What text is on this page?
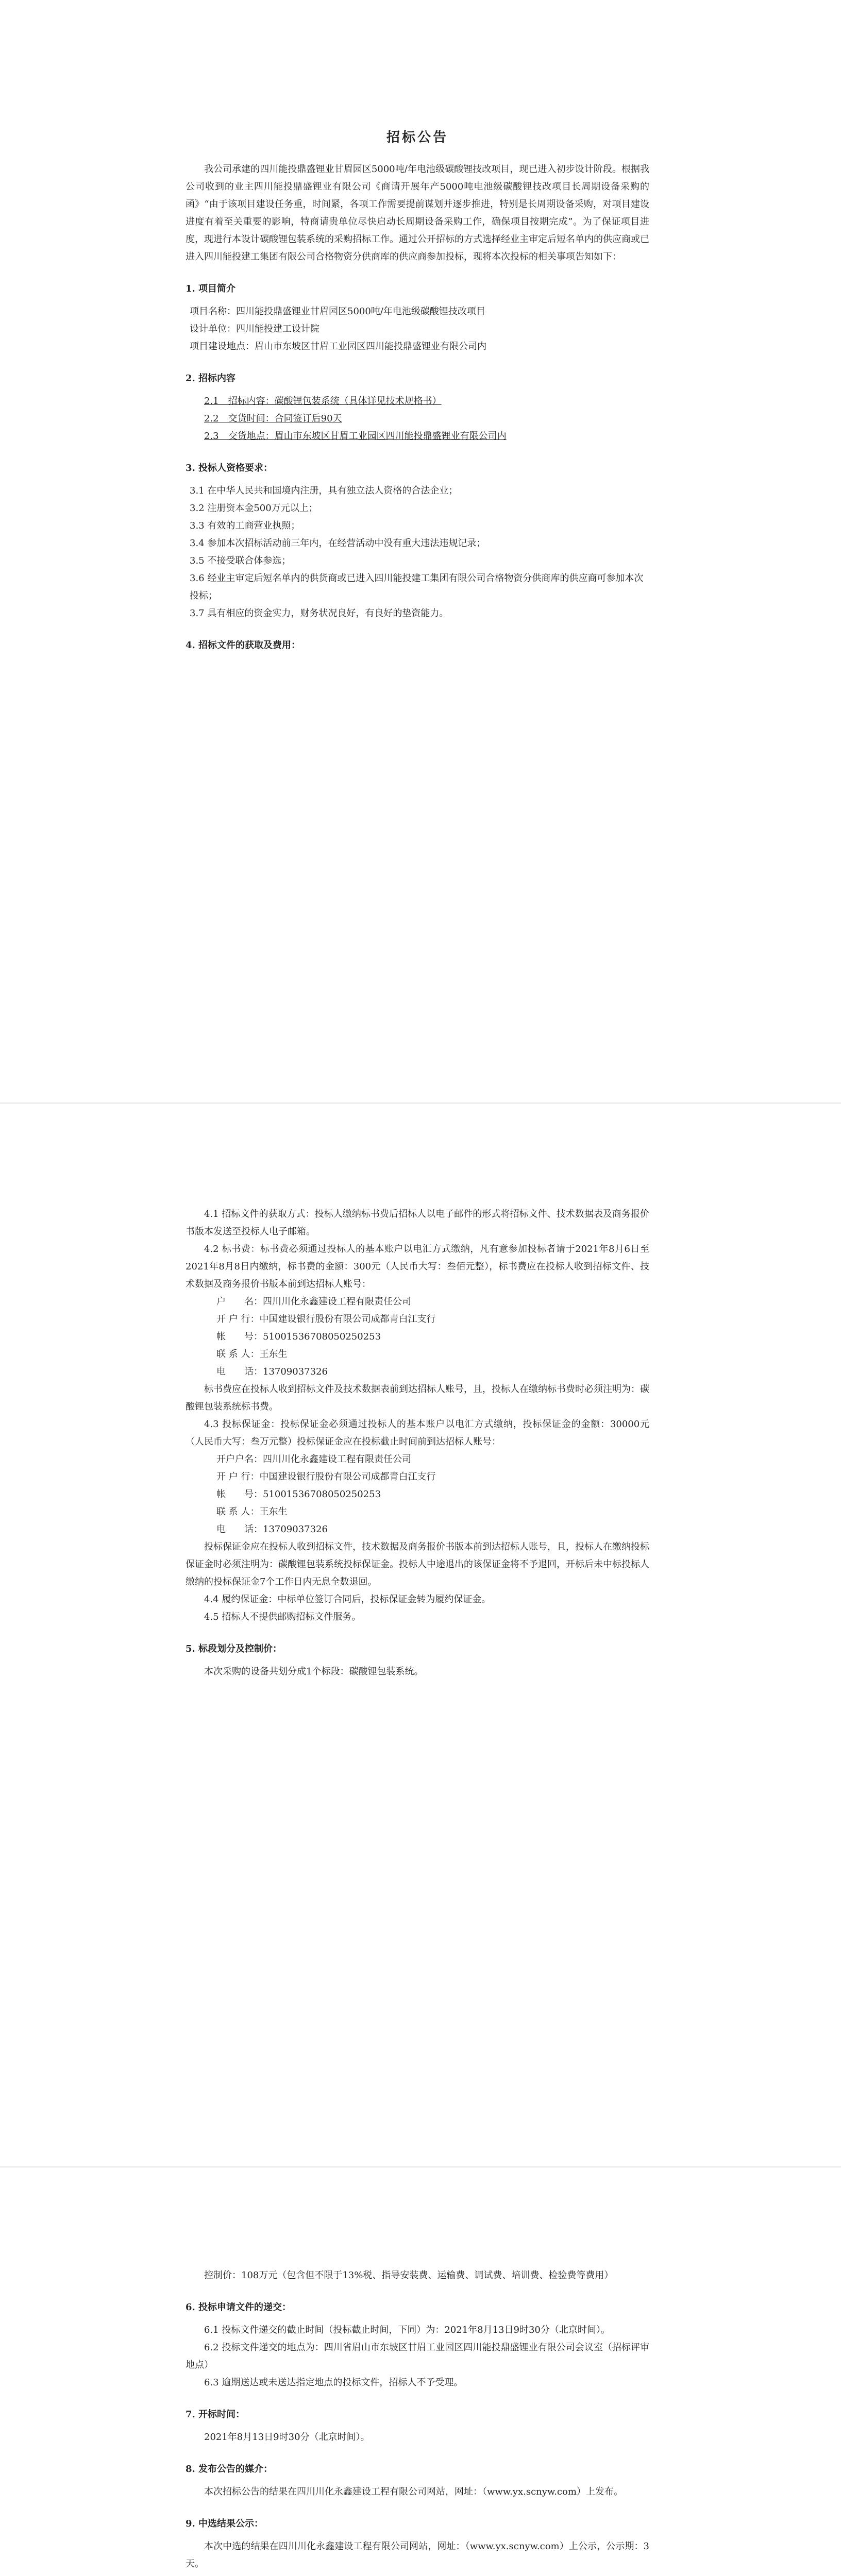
招标公告

我公司承建的四川能投鼎盛锂业甘眉园区5000吨/年电池级碳酸锂技改项目，现已进入初步设计阶段。根据我公司收到的业主四川能投鼎盛锂业有限公司《商请开展年产5000吨电池级碳酸锂技改项目长周期设备采购的函》“由于该项目建设任务重，时间紧，各项工作需要提前谋划并逐步推进，特别是长周期设备采购，对项目建设进度有着至关重要的影响，特商请贵单位尽快启动长周期设备采购工作，确保项目按期完成”。为了保证项目进度，现进行本设计碳酸锂包装系统的采购招标工作。通过公开招标的方式选择经业主审定后短名单内的供应商或已进入四川能投建工集团有限公司合格物资分供商库的供应商参加投标，现将本次投标的相关事项告知如下：

1. 项目简介

项目名称：四川能投鼎盛锂业甘眉园区5000吨/年电池级碳酸锂技改项目

设计单位：四川能投建工设计院

项目建设地点：眉山市东坡区甘眉工业园区四川能投鼎盛锂业有限公司内

2. 招标内容

2.1　招标内容：碳酸锂包装系统（具体详见技术规格书）

2.2　交货时间：合同签订后90天

2.3　交货地点：眉山市东坡区甘眉工业园区四川能投鼎盛锂业有限公司内

3. 投标人资格要求：

3.1 在中华人民共和国境内注册，具有独立法人资格的合法企业；

3.2 注册资本金500万元以上；

3.3 有效的工商营业执照；

3.4 参加本次招标活动前三年内，在经营活动中没有重大违法违规记录；

3.5 不接受联合体参选；

3.6 经业主审定后短名单内的供货商或已进入四川能投建工集团有限公司合格物资分供商库的供应商可参加本次投标；

3.7 具有相应的资金实力，财务状况良好，有良好的垫资能力。

4. 招标文件的获取及费用：

4.1 招标文件的获取方式：投标人缴纳标书费后招标人以电子邮件的形式将招标文件、技术数据表及商务报价书版本发送至投标人电子邮箱。

4.2 标书费：标书费必须通过投标人的基本账户以电汇方式缴纳，凡有意参加投标者请于2021年8月6日至2021年8月8日内缴纳，标书费的金额：300元（人民币大写：叁佰元整），标书费应在投标人收到招标文件、技术数据及商务报价书版本前到达招标人账号：

户　　名：四川川化永鑫建设工程有限责任公司

开 户 行：中国建设银行股份有限公司成都青白江支行

帐　　号：51001536708050250253

联 系 人：王东生

电　　话：13709037326

标书费应在投标人收到招标文件及技术数据表前到达招标人账号，且，投标人在缴纳标书费时必须注明为：碳酸锂包装系统标书费。

4.3 投标保证金：投标保证金必须通过投标人的基本账户以电汇方式缴纳，投标保证金的金额：30000元（人民币大写：叁万元整）投标保证金应在投标截止时间前到达招标人账号：

开户户名：四川川化永鑫建设工程有限责任公司

开 户 行：中国建设银行股份有限公司成都青白江支行

帐　　号：51001536708050250253

联 系 人：王东生

电　　话：13709037326

投标保证金应在投标人收到招标文件，技术数据及商务报价书版本前到达招标人账号，且，投标人在缴纳投标保证金时必须注明为：碳酸锂包装系统投标保证金。投标人中途退出的该保证金将不予退回，开标后未中标投标人缴纳的投标保证金7个工作日内无息全数退回。

4.4 履约保证金：中标单位签订合同后，投标保证金转为履约保证金。

4.5 招标人不提供邮购招标文件服务。

5. 标段划分及控制价：

本次采购的设备共划分成1个标段：碳酸锂包装系统。

控制价：108万元（包含但不限于13%税、指导安装费、运输费、调试费、培训费、检验费等费用）

6. 投标申请文件的递交：

6.1 投标文件递交的截止时间（投标截止时间，下同）为：2021年8月13日9时30分（北京时间）。

6.2 投标文件递交的地点为：四川省眉山市东坡区甘眉工业园区四川能投鼎盛锂业有限公司会议室（招标评审地点）

6.3 逾期送达或未送达指定地点的投标文件，招标人不予受理。

7. 开标时间：

2021年8月13日9时30分（北京时间）。

8. 发布公告的媒介：

本次招标公告的结果在四川川化永鑫建设工程有限公司网站，网址：（www.yx.scnyw.com）上发布。

9. 中选结果公示：

本次中选的结果在四川川化永鑫建设工程有限公司网站，网址：（www.yx.scnyw.com）上公示，公示期：3天。
